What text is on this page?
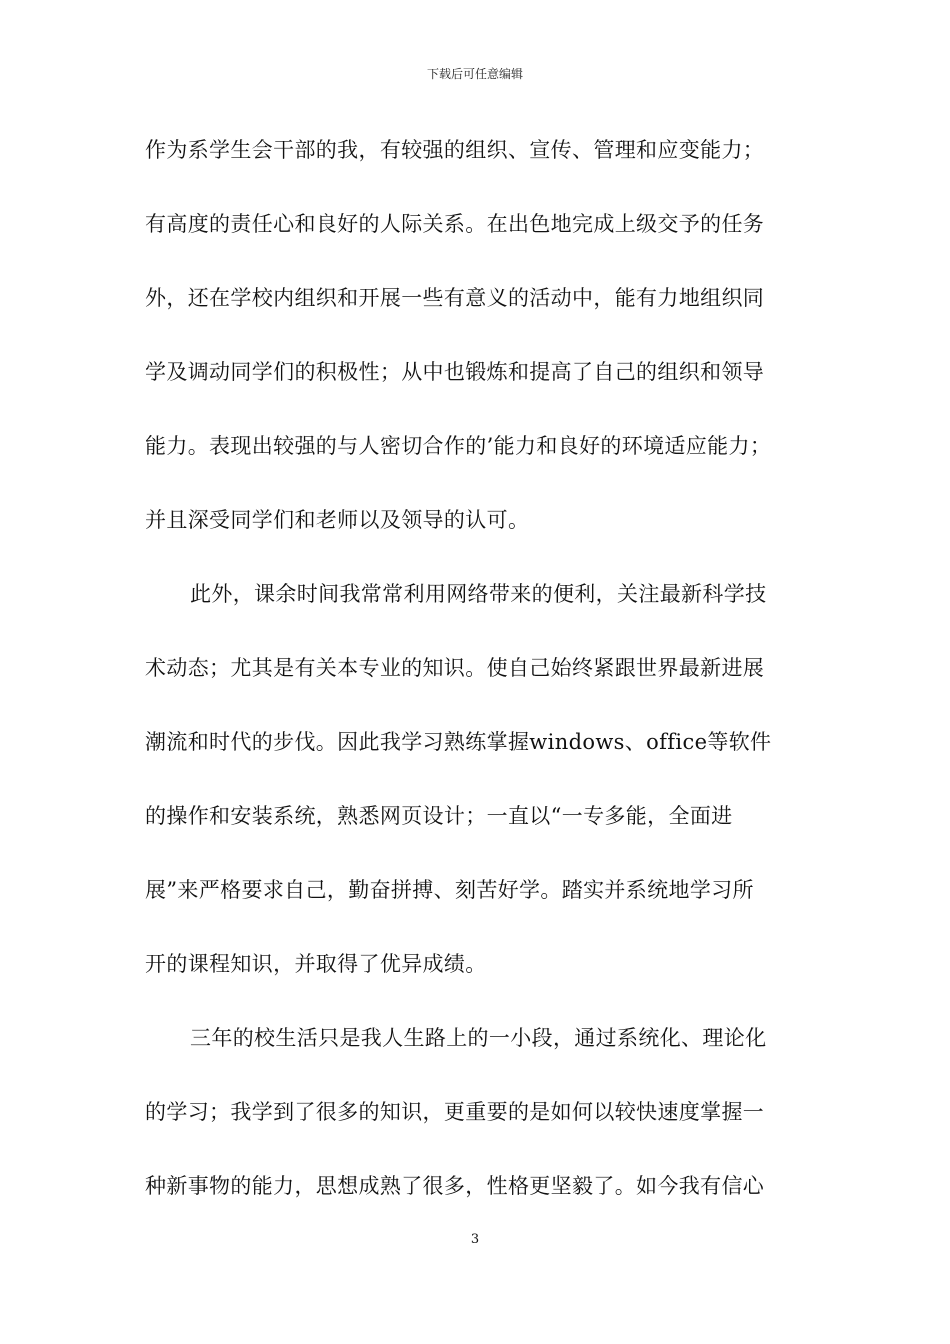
下载后可任意编辑
作为系学生会干部的我，有较强的组织、宣传、管理和应变能力；
有高度的责任心和良好的人际关系。在出色地完成上级交予的任务
外，还在学校内组织和开展一些有意义的活动中，能有力地组织同
学及调动同学们的积极性；从中也锻炼和提高了自己的组织和领导
能力。表现出较强的与人密切合作的’能力和良好的环境适应能力；
并且深受同学们和老师以及领导的认可。
此外，课余时间我常常利用网络带来的便利，关注最新科学技
术动态；尤其是有关本专业的知识。使自己始终紧跟世界最新进展
潮流和时代的步伐。因此我学习熟练掌握windows、office等软件
的操作和安装系统，熟悉网页设计；一直以“一专多能，全面进
展”来严格要求自己，勤奋拼搏、刻苦好学。踏实并系统地学习所
开的课程知识，并取得了优异成绩。
三年的校生活只是我人生路上的一小段，通过系统化、理论化
的学习；我学到了很多的知识，更重要的是如何以较快速度掌握一
种新事物的能力，思想成熟了很多，性格更坚毅了。如今我有信心
3
